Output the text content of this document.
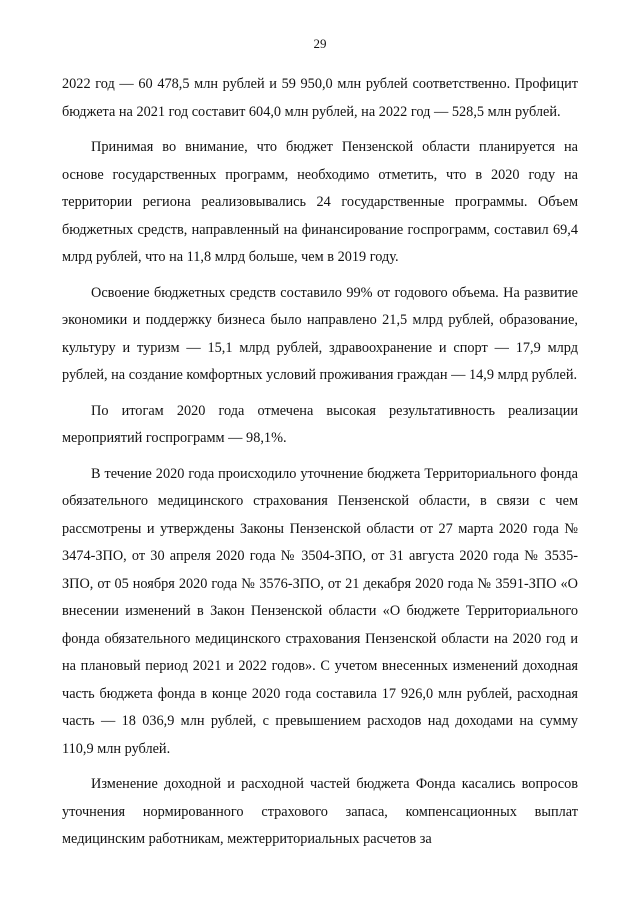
29

2022 год — 60 478,5 млн рублей и 59 950,0 млн рублей соответственно. Профицит бюджета на 2021 год составит 604,0 млн рублей, на 2022 год — 528,5 млн рублей.

Принимая во внимание, что бюджет Пензенской области планируется на основе государственных программ, необходимо отметить, что в 2020 году на территории региона реализовывались 24 государственные программы. Объем бюджетных средств, направленный на финансирование госпрограмм, составил 69,4 млрд рублей, что на 11,8 млрд больше, чем в 2019 году.

Освоение бюджетных средств составило 99% от годового объема. На развитие экономики и поддержку бизнеса было направлено 21,5 млрд рублей, образование, культуру и туризм — 15,1 млрд рублей, здравоохранение и спорт — 17,9 млрд рублей, на создание комфортных условий проживания граждан — 14,9 млрд рублей.

По итогам 2020 года отмечена высокая результативность реализации мероприятий госпрограмм — 98,1%.

В течение 2020 года происходило уточнение бюджета Территориального фонда обязательного медицинского страхования Пензенской области, в связи с чем рассмотрены и утверждены Законы Пензенской области от 27 марта 2020 года № 3474-ЗПО, от 30 апреля 2020 года № 3504-ЗПО, от 31 августа 2020 года № 3535-ЗПО, от 05 ноября 2020 года № 3576-ЗПО, от 21 декабря 2020 года № 3591-ЗПО «О внесении изменений в Закон Пензенской области «О бюджете Территориального фонда обязательного медицинского страхования Пензенской области на 2020 год и на плановый период 2021 и 2022 годов». С учетом внесенных изменений доходная часть бюджета фонда в конце 2020 года составила 17 926,0 млн рублей, расходная часть — 18 036,9 млн рублей, с превышением расходов над доходами на сумму 110,9 млн рублей.

Изменение доходной и расходной частей бюджета Фонда касались вопросов уточнения нормированного страхового запаса, компенсационных выплат медицинским работникам, межтерриториальных расчетов за
